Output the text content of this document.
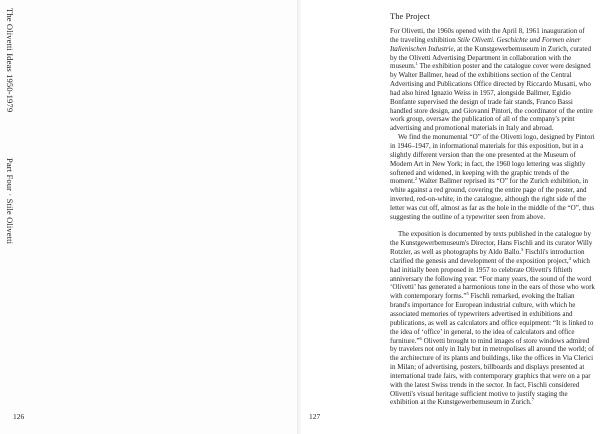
The Olivetti Ideas 1950-1979
Part Four · Stile Olivetti
126
The Project

For Olivetti, the 1960s opened with the April 8, 1961 inauguration of the traveling exhibition Stile Olivetti. Geschichte und Formen einer Italienischen Industrie, at the Kunstgewerbemuseum in Zurich, curated by the Olivetti Advertising Department in collaboration with the museum.$^1$ The exhibition poster and the catalogue cover were designed by Walter Ballmer, head of the exhibitions section of the Central Advertising and Publications Office directed by Riccardo Musatti, who had also hired Ignazio Weiss in 1957, alongside Ballmer, Egidio Bonfante supervised the design of trade fair stands, Franco Bassi handled store design, and Giovanni Pintori, the coordinator of the entire work group, oversaw the publication of all of the company's print advertising and promotional materials in Italy and abroad.

We find the monumental “O” of the Olivetti logo, designed by Pintori in 1946–1947, in informational materials for this exposition, but in a slightly different version than the one presented at the Museum of Modern Art in New York; in fact, the 1960 logo lettering was slightly softened and widened, in keeping with the graphic trends of the moment.$^2$ Walter Ballmer reprised its “O” for the Zurich exhibition, in white against a red ground, covering the entire page of the poster, and inverted, red-on-white, in the catalogue, although the right side of the letter was cut off, almost as far as the hole in the middle of the “O”, thus suggesting the outline of a typewriter seen from above.

The exposition is documented by texts published in the catalogue by the Kunstgewerbemuseum's Director, Hans Fischli and its curator Willy Rotzler, as well as photographs by Aldo Ballo.$^3$ Fischli's introduction clarified the genesis and development of the exposition project,$^4$ which had initially been proposed in 1957 to celebrate Olivetti's fiftieth anniversary the following year. “For many years, the sound of the word ‘Olivetti’ has generated a harmonious tone in the ears of those who work with contemporary forms.”$^5$ Fischli remarked, evoking the Italian brand's importance for European industrial culture, with which he associated memories of typewriters advertised in exhibitions and publications, as well as calculators and office equipment: “It is linked to the idea of ‘office’ in general, to the idea of calculators and office furniture.”$^6$ Olivetti brought to mind images of store windows admired by travelers not only in Italy but in metropolises all around the world; of the architecture of its plants and buildings, like the offices in Via Clerici in Milan; of advertising, posters, billboards and displays presented at international trade fairs, with contemporary graphics that were on a par with the latest Swiss trends in the sector. In fact, Fischli considered Olivetti's visual heritage sufficient motive to justify staging the exhibition at the Kunstgewerbemuseum in Zurich.$^7$

127
